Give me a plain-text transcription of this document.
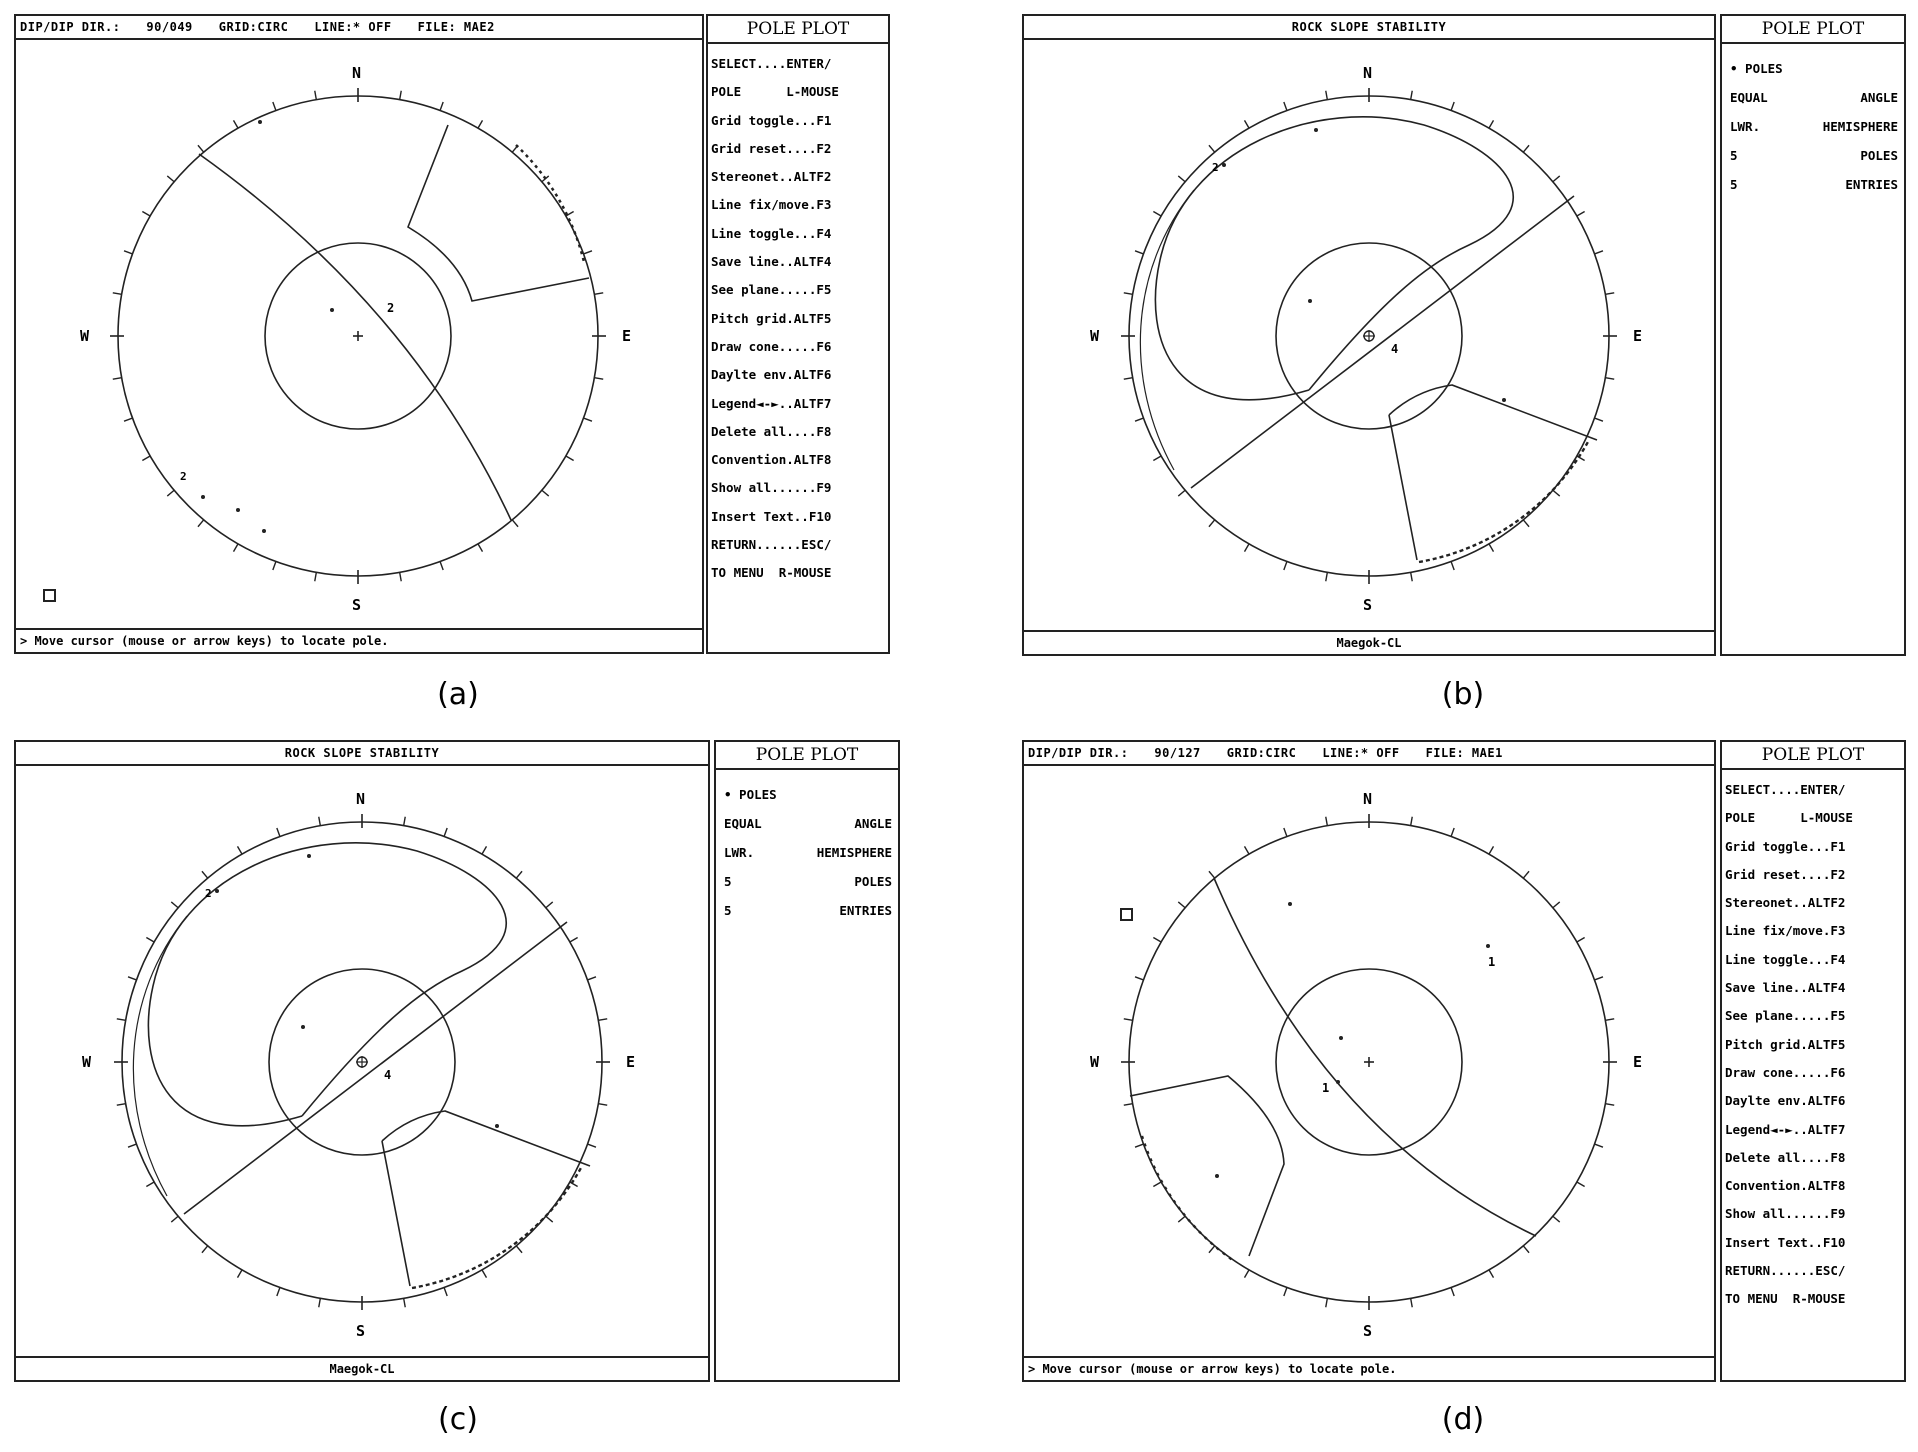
DIP/DIP DIR.: 90/049 GRID:CIRC LINE:* OFF FILE: MAE2
N
S
W	E
2
2
> Move cursor (mouse or arrow keys) to locate pole.
POLE PLOT
SELECT....ENTER/
POLE      L-MOUSE
Grid toggle...F1
Grid reset....F2
Stereonet..ALTF2
Line fix/move.F3
Line toggle...F4
Save line..ALTF4
See plane.....F5
Pitch grid.ALTF5
Draw cone.....F6
Daylte env.ALTF6
Legend◄-►..ALTF7
Delete all....F8
Convention.ALTF8
Show all......F9
Insert Text..F10
RETURN......ESC/
TO MENU  R-MOUSE
(a)
ROCK SLOPE STABILITY
N
S
W	E
4
2
Maegok-CL
POLE PLOT
• POLES
EQUAL	ANGLE
LWR.	HEMISPHERE
5	POLES
5	ENTRIES
(b)
ROCK SLOPE STABILITY
N
S
W	E
4
2
Maegok-CL
POLE PLOT
• POLES
EQUAL	ANGLE
LWR.	HEMISPHERE
5	POLES
5	ENTRIES
(c)
DIP/DIP DIR.: 90/127 GRID:CIRC LINE:* OFF FILE: MAE1
N
S
W	E
1
1
> Move cursor (mouse or arrow keys) to locate pole.
POLE PLOT
SELECT....ENTER/
POLE      L-MOUSE
Grid toggle...F1
Grid reset....F2
Stereonet..ALTF2
Line fix/move.F3
Line toggle...F4
Save line..ALTF4
See plane.....F5
Pitch grid.ALTF5
Draw cone.....F6
Daylte env.ALTF6
Legend◄-►..ALTF7
Delete all....F8
Convention.ALTF8
Show all......F9
Insert Text..F10
RETURN......ESC/
TO MENU  R-MOUSE
(d)
